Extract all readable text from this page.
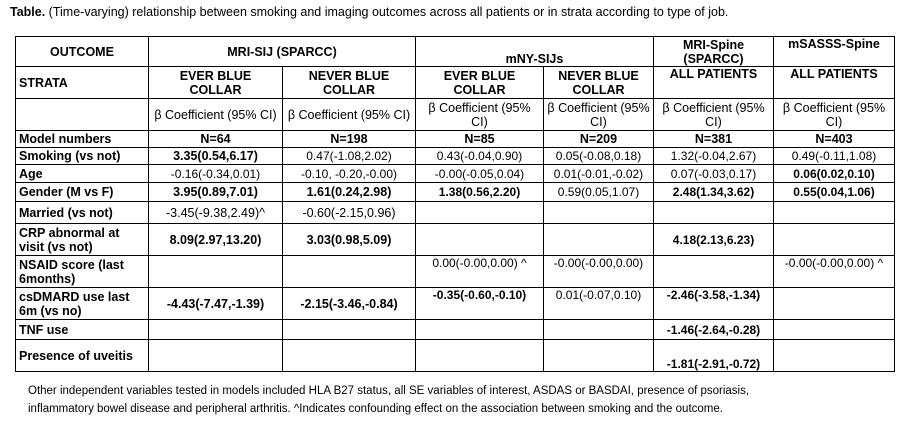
Table. (Time-varying) relationship between smoking and imaging outcomes across all patients or in strata according to type of job.
OUTCOME	MRI-SIJ (SPARCC)		mNY-SIJs		MRI-Spine (SPARCC)	mSASSS-Spine
STRATA	EVER BLUE COLLAR	NEVER BLUE COLLAR	EVER BLUE COLLAR	NEVER BLUE COLLAR	ALL PATIENTS	ALL PATIENTS
	β Coefficient (95% CI)	β Coefficient (95% CI)	β Coefficient (95% CI)	β Coefficient (95% CI)	β Coefficient (95% CI)	β Coefficient (95% CI)
Model numbers	N=64	N=198	N=85	N=209	N=381	N=403
Smoking (vs not)	3.35(0.54,6.17)	0.47(-1.08,2.02)	0.43(-0.04,0.90)	0.05(-0.08,0.18)	1.32(-0.04,2.67)	0.49(-0.11,1.08)
Age	-0.16(-0.34,0.01)	-0.10, -0.20,-0.00)	-0.00(-0.05,0.04)	0.01(-0.01,-0.02)	0.07(-0.03,0.17)	0.06(0.02,0.10)
Gender (M vs F)	3.95(0.89,7.01)	1.61(0.24,2.98)	1.38(0.56,2.20)	0.59(0.05,1.07)	2.48(1.34,3.62)	0.55(0.04,1.06)
Married (vs not)	-3.45(-9.38,2.49)^	-0.60(-2.15,0.96)				
CRP abnormal at visit (vs not)	8.09(2.97,13.20)	3.03(0.98,5.09)			4.18(2.13,6.23)	
NSAID score (last 6months)			0.00(-0.00,0.00) ^	-0.00(-0.00,0.00)		-0.00(-0.00,0.00) ^
csDMARD use last 6m (vs no)	-4.43(-7.47,-1.39)	-2.15(-3.46,-0.84)	-0.35(-0.60,-0.10)	0.01(-0.07,0.10)	-2.46(-3.58,-1.34)	
TNF use					-1.46(-2.64,-0.28)	
Presence of uveitis					-1.81(-2.91,-0.72)	
Other independent variables tested in models included HLA B27 status, all SE variables of interest, ASDAS or BASDAI, presence of psoriasis,
inflammatory bowel disease and peripheral arthritis. ^Indicates confounding effect on the association between smoking and the outcome.
